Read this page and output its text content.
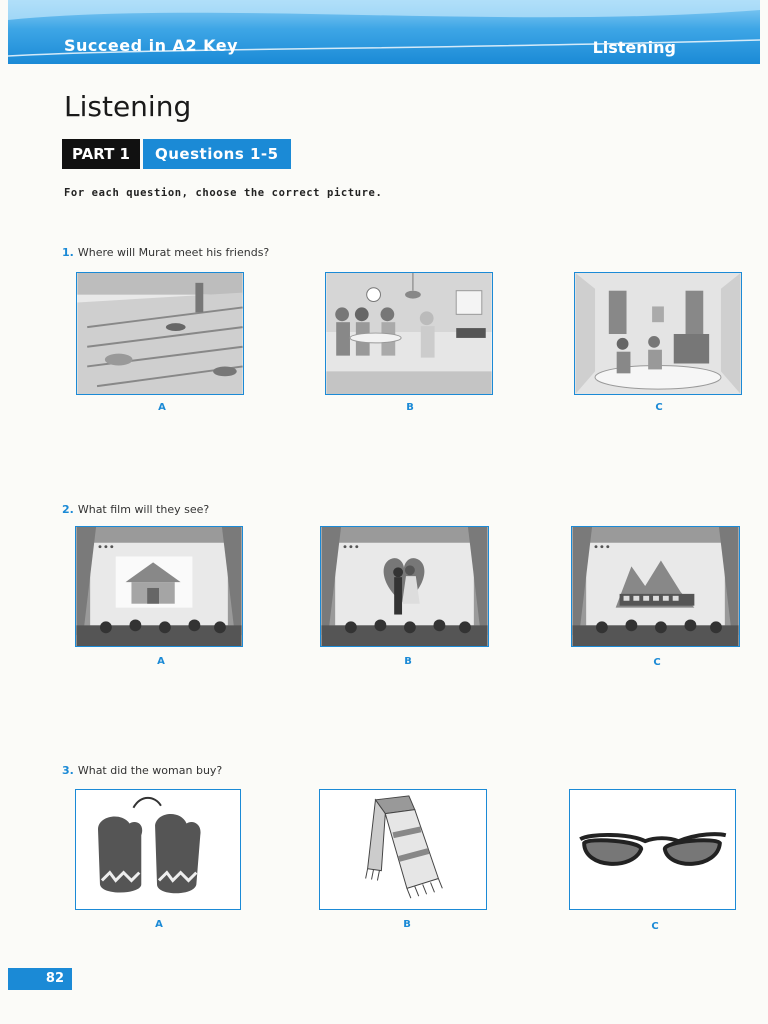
Succeed in A2 Key	Listening
Listening
PART 1	Questions 1-5
For each question, choose the correct picture.
1. Where will Murat meet his friends?
A	B	C
2. What film will they see?
A	B	C
3. What did the woman buy?
A	B	C
82
